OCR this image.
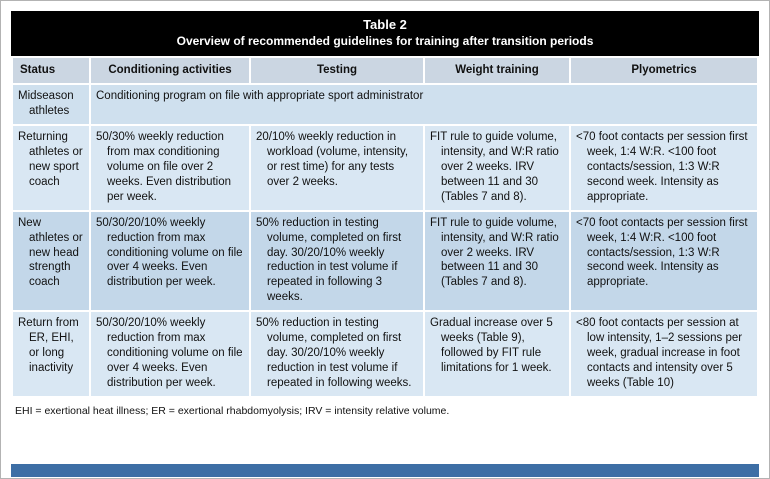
Table 2
Overview of recommended guidelines for training after transition periods
Status	Conditioning activities	Testing	Weight training	Plyometrics

Midseason athletes	Conditioning program on file with appropriate sport administrator			

Returning athletes or new sport coach	50/30% weekly reduction from max conditioning volume on file over 2 weeks. Even distribution per week.	20/10% weekly reduction in workload (volume, intensity, or rest time) for any tests over 2 weeks.	FIT rule to guide volume, intensity, and W:R ratio over 2 weeks. IRV between 11 and 30 (Tables 7 and 8).	<70 foot contacts per session first week, 1:4 W:R. <100 foot contacts/session, 1:3 W:R second week. Intensity as appropriate.

New athletes or new head strength coach	50/30/20/10% weekly reduction from max conditioning volume on file over 4 weeks. Even distribution per week.	50% reduction in testing volume, completed on first day. 30/20/10% weekly reduction in test volume if repeated in following 3 weeks.	FIT rule to guide volume, intensity, and W:R ratio over 2 weeks. IRV between 11 and 30 (Tables 7 and 8).	<70 foot contacts per session first week, 1:4 W:R. <100 foot contacts/session, 1:3 W:R second week. Intensity as appropriate.

Return from ER, EHI, or long inactivity	50/30/20/10% weekly reduction from max conditioning volume on file over 4 weeks. Even distribution per week.	50% reduction in testing volume, completed on first day. 30/20/10% weekly reduction in test volume if repeated in following weeks.	Gradual increase over 5 weeks (Table 9), followed by FIT rule limitations for 1 week.	<80 foot contacts per session at low intensity, 1–2 sessions per week, gradual increase in foot contacts and intensity over 5 weeks (Table 10)
EHI = exertional heat illness; ER = exertional rhabdomyolysis; IRV = intensity relative volume.
